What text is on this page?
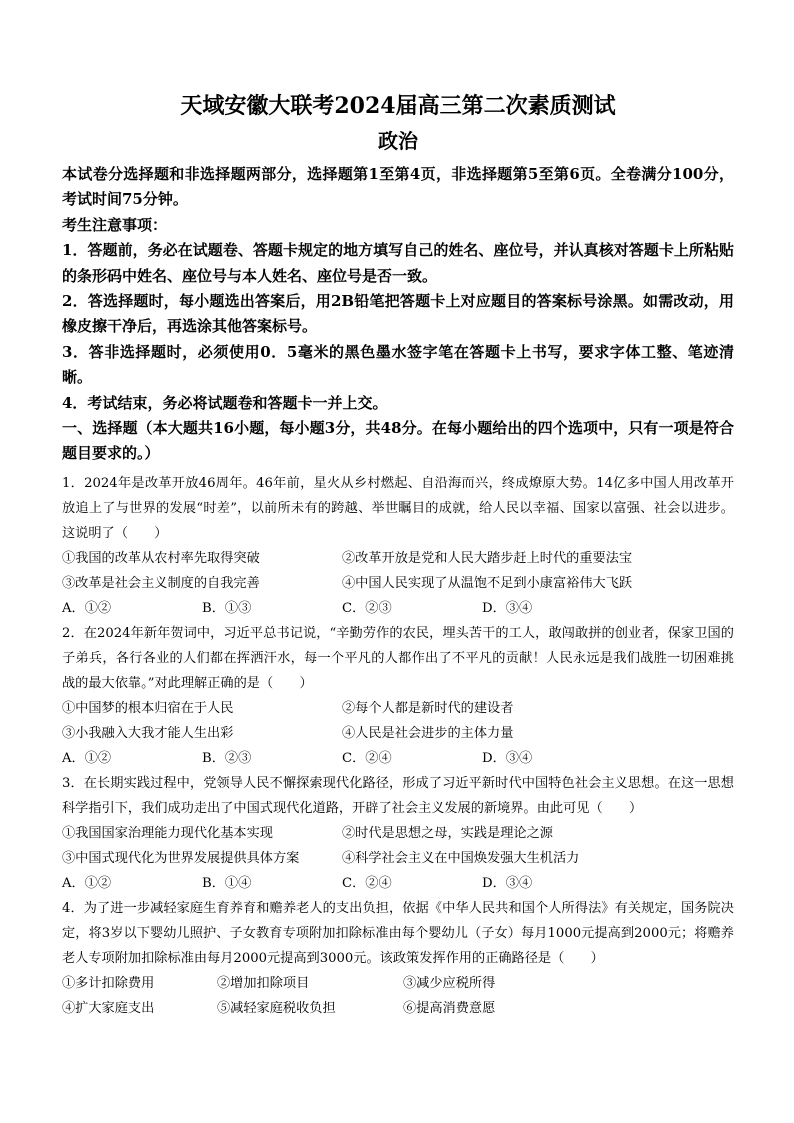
天域安徽大联考2024届高三第二次素质测试
政治

本试卷分选择题和非选择题两部分，选择题第1至第4页，非选择题第5至第6页。全卷满分100分，考试时间75分钟。

考生注意事项：

1．答题前，务必在试题卷、答题卡规定的地方填写自己的姓名、座位号，并认真核对答题卡上所粘贴的条形码中姓名、座位号与本人姓名、座位号是否一致。

2．答选择题时，每小题选出答案后，用2B铅笔把答题卡上对应题目的答案标号涂黑。如需改动，用橡皮擦干净后，再选涂其他答案标号。

3．答非选择题时，必须使用0．5毫米的黑色墨水签字笔在答题卡上书写，要求字体工整、笔迹清晰。

4．考试结束，务必将试题卷和答题卡一并上交。

一、选择题（本大题共16小题，每小题3分，共48分。在每小题给出的四个选项中，只有一项是符合题目要求的。）

1．2024年是改革开放46周年。46年前，星火从乡村燃起、自沿海而兴，终成燎原大势。14亿多中国人用改革开放追上了与世界的发展“时差”，以前所未有的跨越、举世瞩目的成就，给人民以幸福、国家以富强、社会以进步。这说明了（　　）

①我国的改革从农村率先取得突破	②改革开放是党和人民大踏步赶上时代的重要法宝
③改革是社会主义制度的自我完善	④中国人民实现了从温饱不足到小康富裕伟大飞跃
A．①②	B．①③	C．②③	D．③④

2．在2024年新年贺词中，习近平总书记说，“辛勤劳作的农民，埋头苦干的工人，敢闯敢拼的创业者，保家卫国的子弟兵，各行各业的人们都在挥洒汗水，每一个平凡的人都作出了不平凡的贡献！人民永远是我们战胜一切困难挑战的最大依靠。”对此理解正确的是（　　）

①中国梦的根本归宿在于人民	②每个人都是新时代的建设者
③小我融入大我才能人生出彩	④人民是社会进步的主体力量
A．①②	B．②③	C．②④	D．③④

3．在长期实践过程中，党领导人民不懈探索现代化路径，形成了习近平新时代中国特色社会主义思想。在这一思想科学指引下，我们成功走出了中国式现代化道路，开辟了社会主义发展的新境界。由此可见（　　）

①我国国家治理能力现代化基本实现	②时代是思想之母，实践是理论之源
③中国式现代化为世界发展提供具体方案	④科学社会主义在中国焕发强大生机活力
A．①②	B．①④	C．②④	D．③④

4．为了进一步减轻家庭生育养育和赡养老人的支出负担，依据《中华人民共和国个人所得法》有关规定，国务院决定，将3岁以下婴幼儿照护、子女教育专项附加扣除标准由每个婴幼儿（子女）每月1000元提高到2000元；将赡养老人专项附加扣除标准由每月2000元提高到3000元。该政策发挥作用的正确路径是（　　）

①多计扣除费用	②增加扣除项目	③减少应税所得
④扩大家庭支出	⑤减轻家庭税收负担	⑥提高消费意愿
